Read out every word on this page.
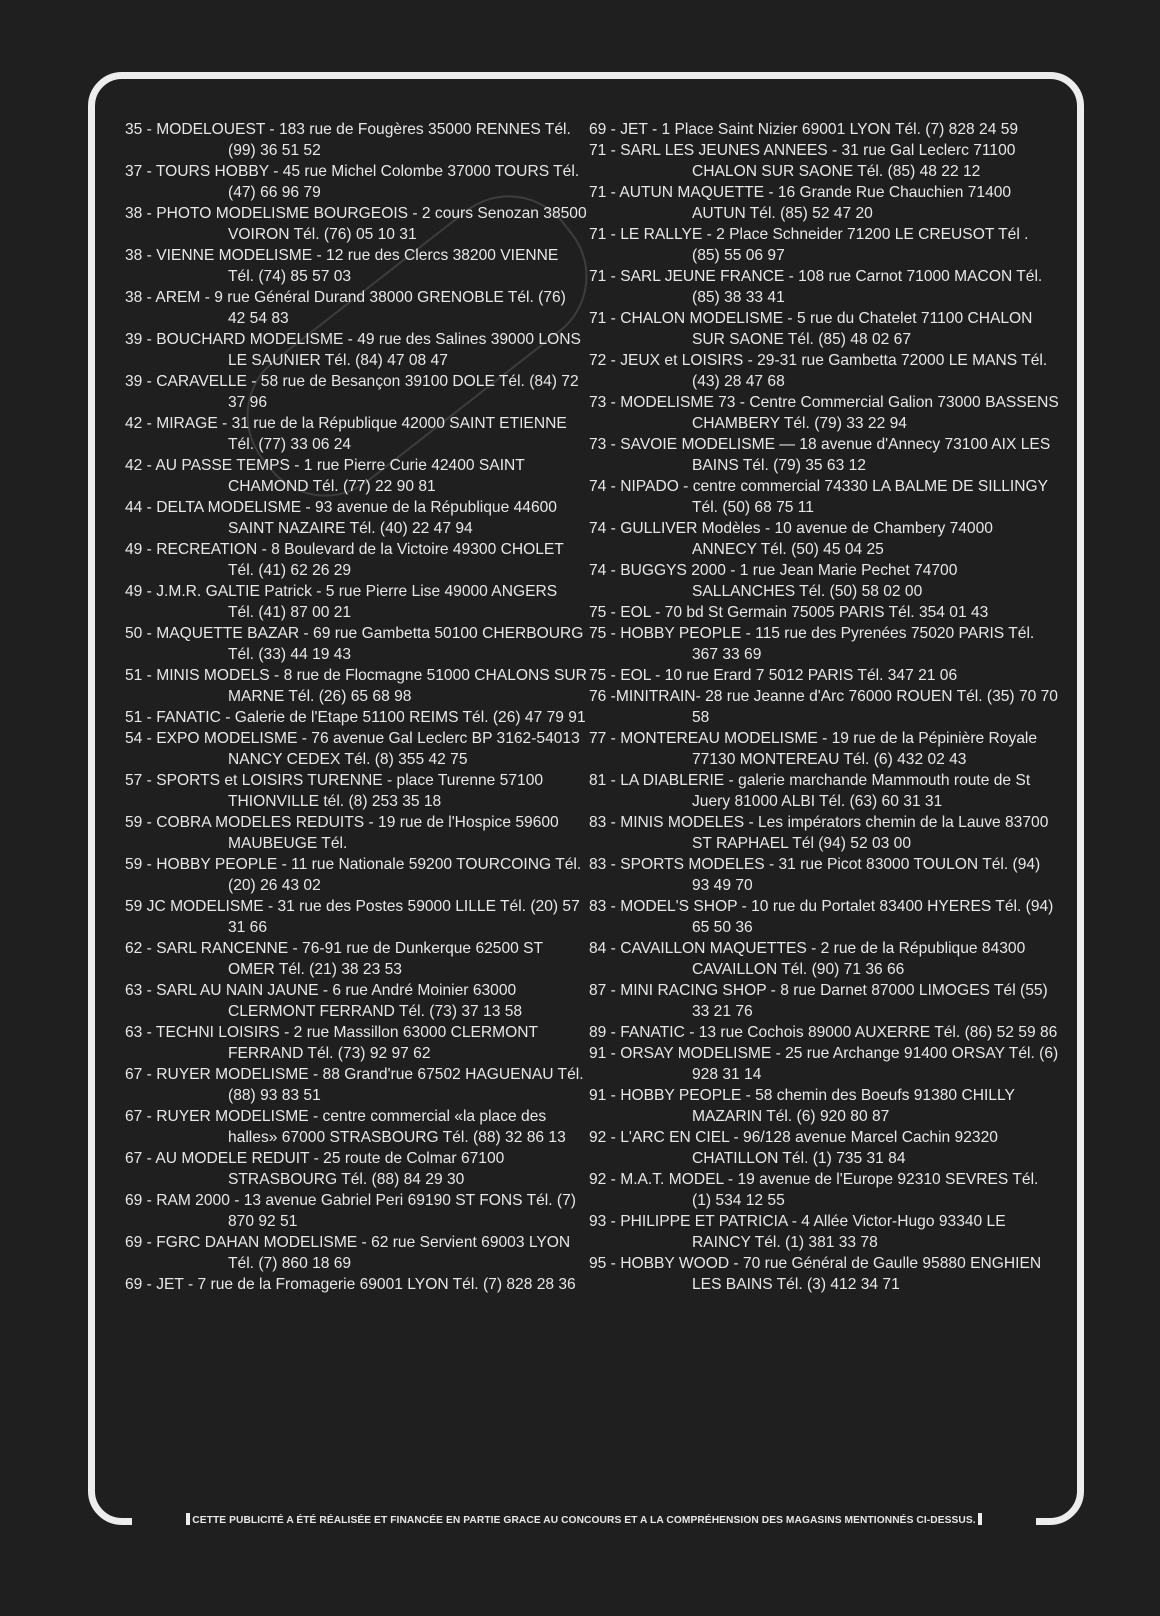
35 - MODELOUEST - 183 rue de Fougères 35000 RENNES Tél. (99) 36 51 52
37 - TOURS HOBBY - 45 rue Michel Colombe 37000 TOURS Tél. (47) 66 96 79
38 - PHOTO MODELISME BOURGEOIS - 2 cours Senozan 38500 VOIRON Tél. (76) 05 10 31
38 - VIENNE MODELISME - 12 rue des Clercs 38200 VIENNE Tél. (74) 85 57 03
38 - AREM - 9 rue Général Durand 38000 GRENOBLE Tél. (76) 42 54 83
39 - BOUCHARD MODELISME - 49 rue des Salines 39000 LONS LE SAUNIER Tél. (84) 47 08 47
39 - CARAVELLE - 58 rue de Besançon 39100 DOLE Tél. (84) 72 37 96
42 - MIRAGE - 31 rue de la République 42000 SAINT ETIENNE Tél. (77) 33 06 24
42 - AU PASSE TEMPS - 1 rue Pierre Curie 42400 SAINT CHAMOND Tél. (77) 22 90 81
44 - DELTA MODELISME - 93 avenue de la République 44600 SAINT NAZAIRE Tél. (40) 22 47 94
49 - RECREATION - 8 Boulevard de la Victoire 49300 CHOLET Tél. (41) 62 26 29
49 - J.M.R. GALTIE Patrick - 5 rue Pierre Lise 49000 ANGERS Tél. (41) 87 00 21
50 - MAQUETTE BAZAR - 69 rue Gambetta 50100 CHERBOURG Tél. (33) 44 19 43
51 - MINIS MODELS - 8 rue de Flocmagne 51000 CHALONS SUR MARNE Tél. (26) 65 68 98
51 - FANATIC - Galerie de l'Etape 51100 REIMS Tél. (26) 47 79 91
54 - EXPO MODELISME - 76 avenue Gal Leclerc BP 3162-54013 NANCY CEDEX Tél. (8) 355 42 75
57 - SPORTS et LOISIRS TURENNE - place Turenne 57100 THIONVILLE tél. (8) 253 35 18
59 - COBRA MODELES REDUITS - 19 rue de l'Hospice 59600 MAUBEUGE Tél.
59 - HOBBY PEOPLE - 11 rue Nationale 59200 TOURCOING Tél.(20) 26 43 02
59 JC MODELISME - 31 rue des Postes 59000 LILLE Tél. (20) 57 31 66
62 - SARL RANCENNE - 76-91 rue de Dunkerque 62500 ST OMER Tél. (21) 38 23 53
63 - SARL AU NAIN JAUNE - 6 rue André Moinier 63000 CLERMONT FERRAND Tél. (73) 37 13 58
63 - TECHNI LOISIRS - 2 rue Massillon 63000 CLERMONT FERRAND Tél. (73) 92 97 62
67 - RUYER MODELISME - 88 Grand'rue 67502 HAGUENAU Tél. (88) 93 83 51
67 - RUYER MODELISME - centre commercial «la place des halles» 67000 STRASBOURG Tél. (88) 32 86 13
67 - AU MODELE REDUIT - 25 route de Colmar 67100 STRASBOURG Tél. (88) 84 29 30
69 - RAM 2000 - 13 avenue Gabriel Peri 69190 ST FONS Tél. (7) 870 92 51
69 - FGRC DAHAN MODELISME - 62 rue Servient 69003 LYON Tél. (7) 860 18 69
69 - JET - 7 rue de la Fromagerie 69001 LYON Tél. (7) 828 28 36
69 - JET - 1 Place Saint Nizier 69001 LYON Tél. (7) 828 24 59
71 - SARL LES JEUNES ANNEES - 31 rue Gal Leclerc 71100 CHALON SUR SAONE Tél. (85) 48 22 12
71 - AUTUN MAQUETTE - 16 Grande Rue Chauchien 71400 AUTUN Tél. (85) 52 47 20
71 - LE RALLYE - 2 Place Schneider 71200 LE CREUSOT Tél . (85) 55 06 97
71 - SARL JEUNE FRANCE - 108 rue Carnot 71000 MACON Tél. (85) 38 33 41
71 - CHALON MODELISME - 5 rue du Chatelet 71100 CHALON SUR SAONE Tél. (85) 48 02 67
72 - JEUX et LOISIRS - 29-31 rue Gambetta 72000 LE MANS Tél. (43) 28 47 68
73 - MODELISME 73 - Centre Commercial Galion 73000 BASSENS CHAMBERY Tél. (79) 33 22 94
73 - SAVOIE MODELISME — 18 avenue d'Annecy 73100 AIX LES BAINS Tél. (79) 35 63 12
74 - NIPADO - centre commercial 74330 LA BALME DE SILLINGY Tél. (50) 68 75 11
74 - GULLIVER Modèles - 10 avenue de Chambery 74000 ANNECY Tél. (50) 45 04 25
74 - BUGGYS 2000 - 1 rue Jean Marie Pechet 74700 SALLANCHES Tél. (50) 58 02 00
75 - EOL - 70 bd St Germain 75005 PARIS Tél. 354 01 43
75 - HOBBY PEOPLE - 115 rue des Pyrenées 75020 PARIS Tél. 367 33 69
75 - EOL - 10 rue Erard 7 5012 PARIS Tél. 347 21 06
76 -MINITRAIN- 28 rue Jeanne d'Arc 76000 ROUEN Tél. (35) 70 70 58
77 - MONTEREAU MODELISME - 19 rue de la Pépinière Royale 77130 MONTEREAU Tél. (6) 432 02 43
81 - LA DIABLERIE - galerie marchande Mammouth route de St Juery 81000 ALBI Tél. (63) 60 31 31
83 - MINIS MODELES - Les impérators chemin de la Lauve 83700 ST RAPHAEL Tél (94) 52 03 00
83 - SPORTS MODELES - 31 rue Picot 83000 TOULON Tél. (94) 93 49 70
83 - MODEL'S SHOP - 10 rue du Portalet 83400 HYERES Tél. (94) 65 50 36
84 - CAVAILLON MAQUETTES - 2 rue de la République 84300 CAVAILLON Tél. (90) 71 36 66
87 - MINI RACING SHOP - 8 rue Darnet 87000 LIMOGES Tél (55) 33 21 76
89 - FANATIC - 13 rue Cochois 89000 AUXERRE Tél. (86) 52 59 86
91 - ORSAY MODELISME - 25 rue Archange 91400 ORSAY Tél. (6) 928 31 14
91 - HOBBY PEOPLE - 58 chemin des Boeufs 91380 CHILLY MAZARIN Tél. (6) 920 80 87
92 - L'ARC EN CIEL - 96/128 avenue Marcel Cachin 92320 CHATILLON Tél. (1) 735 31 84
92 - M.A.T. MODEL - 19 avenue de l'Europe 92310 SEVRES Tél. (1) 534 12 55
93 - PHILIPPE ET PATRICIA - 4 Allée Victor-Hugo 93340 LE RAINCY Tél. (1) 381 33 78
95 - HOBBY WOOD - 70 rue Général de Gaulle 95880 ENGHIEN LES BAINS Tél. (3) 412 34 71
CETTE PUBLICITÉ A ÉTÉ RÉALISÉE ET FINANCÉE EN PARTIE GRACE AU CONCOURS ET A LA COMPRÉHENSION DES MAGASINS MENTIONNÉS CI-DESSUS.
